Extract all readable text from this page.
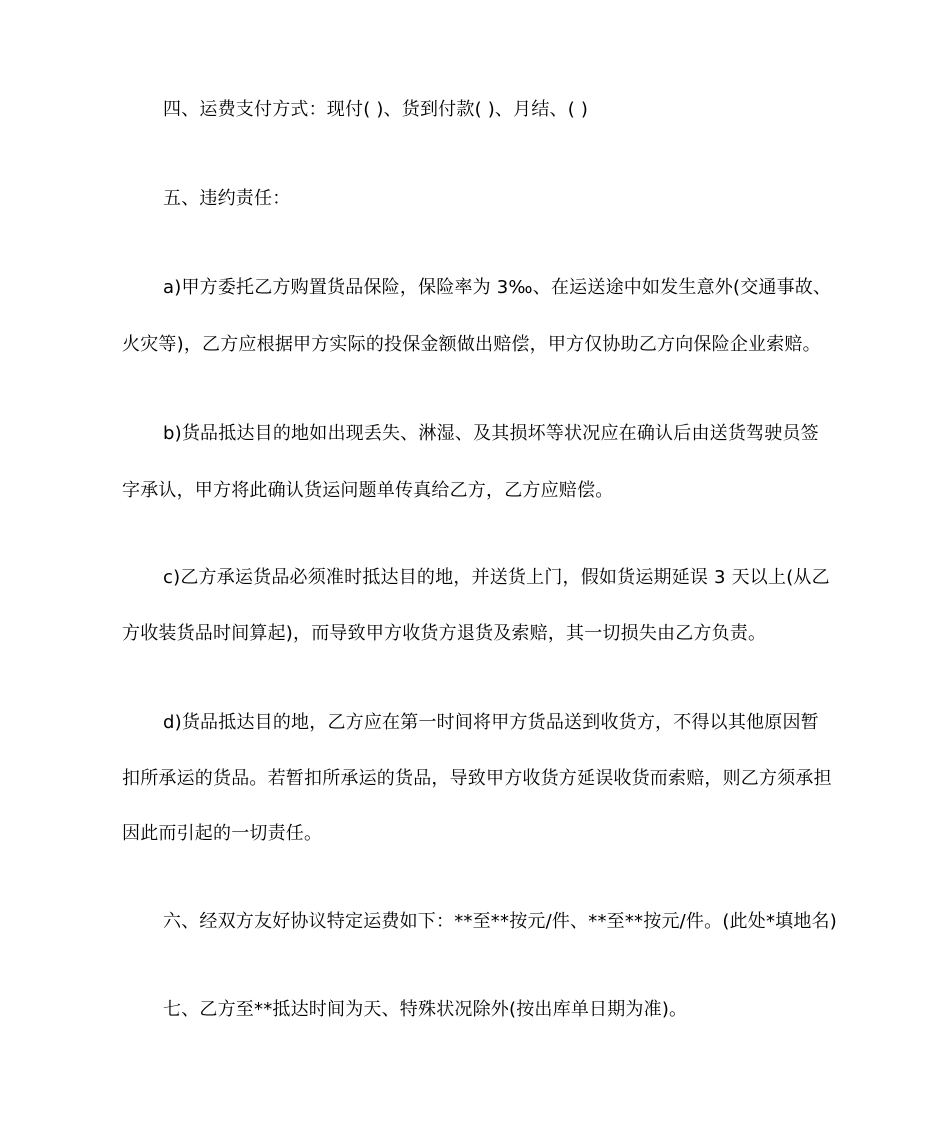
四、运费支付方式：现付( )、货到付款( )、月结、( )
五、违约责任：
a)甲方委托乙方购置货品保险，保险率为 3‰、在运送途中如发生意外(交通事故、
火灾等)，乙方应根据甲方实际的投保金额做出赔偿，甲方仅协助乙方向保险企业索赔。
b)货品抵达目的地如出现丢失、淋湿、及其损坏等状况应在确认后由送货驾驶员签
字承认，甲方将此确认货运问题单传真给乙方，乙方应赔偿。
c)乙方承运货品必须准时抵达目的地，并送货上门，假如货运期延误 3 天以上(从乙
方收装货品时间算起)，而导致甲方收货方退货及索赔，其一切损失由乙方负责。
d)货品抵达目的地，乙方应在第一时间将甲方货品送到收货方，不得以其他原因暂
扣所承运的货品。若暂扣所承运的货品，导致甲方收货方延误收货而索赔，则乙方须承担
因此而引起的一切责任。
六、经双方友好协议特定运费如下：**至**按元/件、**至**按元/件。(此处*填地名)
七、乙方至**抵达时间为天、特殊状况除外(按出库单日期为准)。
